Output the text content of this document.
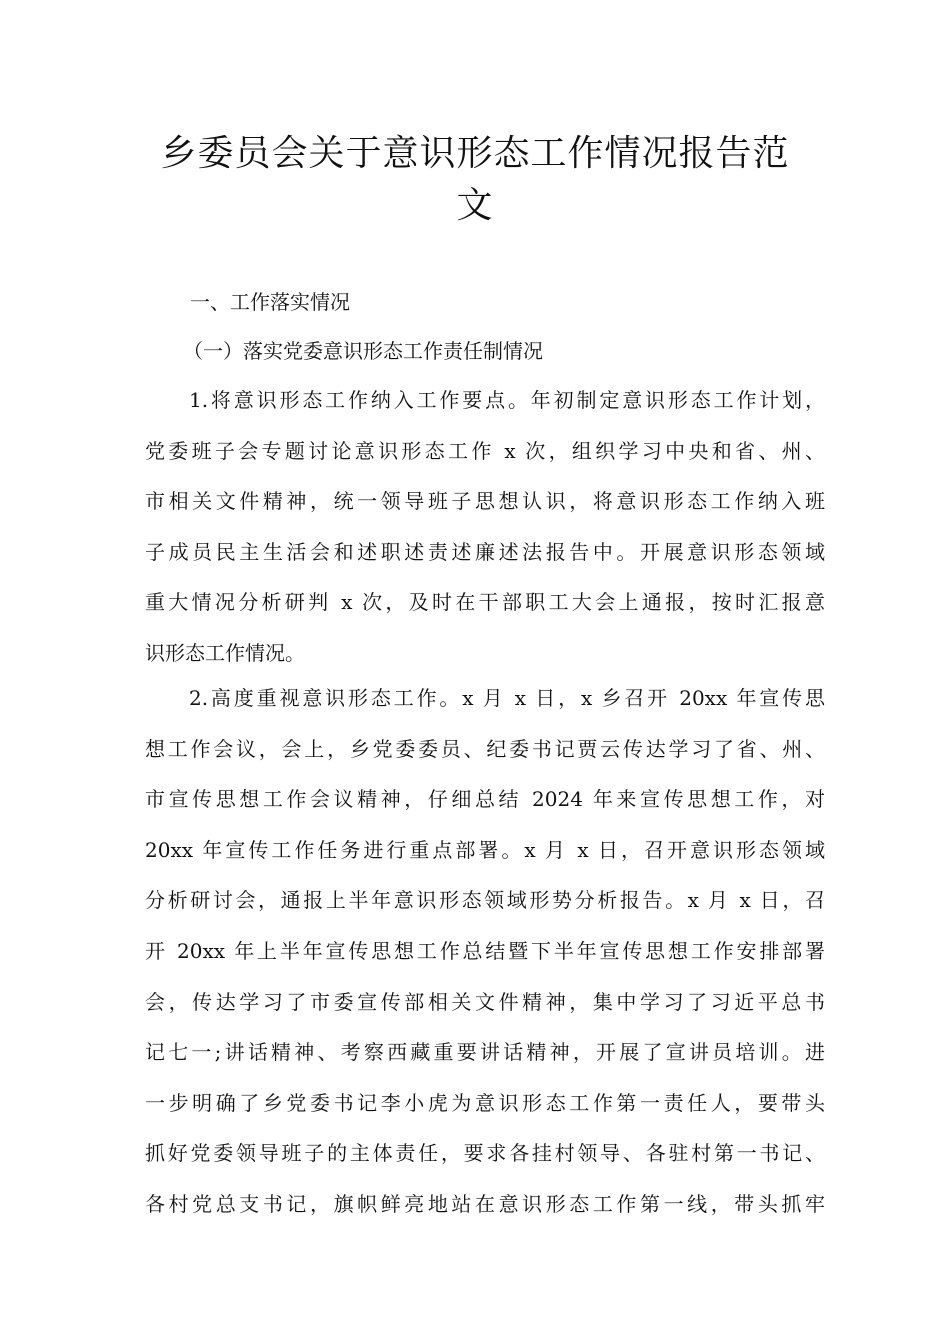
乡委员会关于意识形态工作情况报告范
文

一、工作落实情况

（一）落实党委意识形态工作责任制情况

1.将意识形态工作纳入工作要点。年初制定意识形态工作计划，
党委班子会专题讨论意识形态工作 x 次，组织学习中央和省、州、
市相关文件精神，统一领导班子思想认识，将意识形态工作纳入班
子成员民主生活会和述职述责述廉述法报告中。开展意识形态领域
重大情况分析研判 x 次，及时在干部职工大会上通报，按时汇报意
识形态工作情况。
2.高度重视意识形态工作。x 月 x 日，x 乡召开 20xx 年宣传思
想工作会议，会上，乡党委委员、纪委书记贾云传达学习了省、州、
市宣传思想工作会议精神，仔细总结 2024 年来宣传思想工作，对
20xx 年宣传工作任务进行重点部署。x 月 x 日，召开意识形态领域
分析研讨会，通报上半年意识形态领域形势分析报告。x 月 x 日，召
开 20xx 年上半年宣传思想工作总结暨下半年宣传思想工作安排部署
会，传达学习了市委宣传部相关文件精神，集中学习了习近平总书
记七一;讲话精神、考察西藏重要讲话精神，开展了宣讲员培训。进
一步明确了乡党委书记李小虎为意识形态工作第一责任人，要带头
抓好党委领导班子的主体责任，要求各挂村领导、各驻村第一书记、
各村党总支书记，旗帜鲜亮地站在意识形态工作第一线，带头抓牢
